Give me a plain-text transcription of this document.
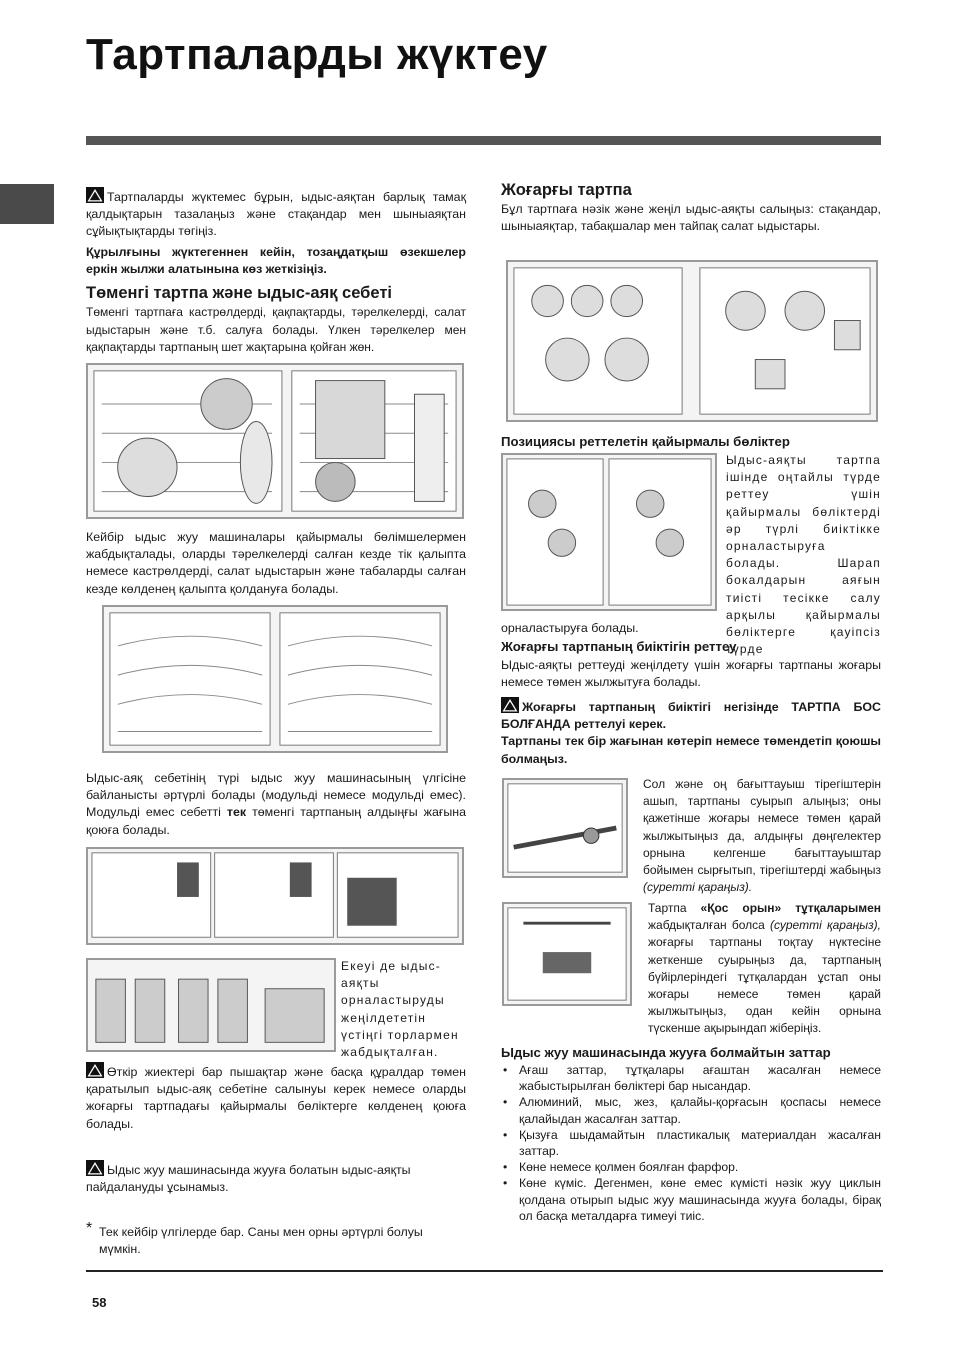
Тартпаларды жүктеу

Тартпаларды жүктемес бұрын, ыдыс-аяқтан барлық тамақ қалдықтарын тазалаңыз және стақандар мен шыныаяқтан сұйықтықтарды төгіңіз.

Құрылғыны жүктегеннен кейін, тозаңдатқыш өзекшелер еркін жылжи алатынына көз жеткізіңіз.

Төменгі тартпа және ыдыс-аяқ себеті

Төменгі тартпаға кастрөлдерді, қақпақтарды, тәрелкелерді, салат ыдыстарын және т.б. салуға болады. Үлкен тәрелкелер мен қақпақтарды тартпаның шет жақтарына қойған жөн.

Кейбір ыдыс жуу машиналары қайырмалы бөлімшелермен жабдықталады, оларды тәрелкелерді салған кезде тік қалыпта немесе кастрөлдерді, салат ыдыстарын және табаларды салған кезде көлденең қалыпта қолдануға болады.
Ыдыс-аяқ себетінің түрі ыдыс жуу машинасының үлгісіне байланысты әртүрлі болады (модульді немесе модульді емес). Модульді емес себетті тек төменгі тартпаның алдыңғы жағына қоюға болады.
Екеуі де ыдыс-аяқты орналастыруды жеңілдететін үстіңгі торлармен жабдықталған.
Өткір жиектері бар пышақтар және басқа құралдар төмен қаратылып ыдыс-аяқ себетіне салынуы керек немесе оларды жоғарғы тартпадағы қайырмалы бөліктерге көлденең қоюға болады.
Ыдыс жуу машинасында жууға болатын ыдыс-аяқты пайдалануды ұсынамыз.
* Тек кейбір үлгілерде бар. Саны мен орны әртүрлі болуы мүмкін.

Жоғарғы тартпа

Бұл тартпаға нәзік және жеңіл ыдыс-аяқты салыңыз: стақандар, шыныаяқтар, табақшалар мен тайпақ салат ыдыстары.

Позициясы реттелетін қайырмалы бөліктер

Ыдыс-аяқты тартпа ішінде оңтайлы түрде реттеу үшін қайырмалы бөліктерді әр түрлі биіктікке орналастыруға болады. Шарап бокалдарын аяғын тиісті тесікке салу арқылы қайырмалы бөліктерге қауіпсіз түрде
орналастыруға болады.

Жоғарғы тартпаның биіктігін реттеу

Ыдыс-аяқты реттеуді жеңілдету үшін жоғарғы тартпаны жоғары немесе төмен жылжытуға болады.
Жоғарғы тартпаның биіктігі негізінде ТАРТПА БОС БОЛҒАНДА реттелуі керек.

Тартпаны тек бір жағынан көтеріп немесе төмендетіп қоюшы болмаңыз.

Сол және оң бағыттауыш тірегіштерін ашып, тартпаны суырып алыңыз; оны қажетінше жоғары немесе төмен қарай жылжытыңыз да, алдыңғы дөңгелектер орнына келгенше бағыттауыштар бойымен сырғытып, тірегіштерді жабыңыз (суретті қараңыз).
Тартпа «Қос орын» тұтқаларымен жабдықталған болса (суретті қараңыз), жоғарғы тартпаны тоқтау нүктесіне жеткенше суырыңыз да, тартпаның бүйірлеріндегі тұтқалардан ұстап оны жоғары немесе төмен қарай жылжытыңыз, одан кейін орнына түскенше ақырындап жіберіңіз.

Ыдыс жуу машинасында жууға болмайтын заттар

• Ағаш заттар, тұтқалары ағаштан жасалған немесе жабыстырылған бөліктері бар ныcандар.
• Алюминий, мыс, жез, қалайы-қорғасын қоспасы немесе қалайыдан жасалған заттар.
• Қызуға шыдамайтын пластикалық материалдан жасалған заттар.
• Көне немесе қолмен боялған фарфор.
• Көне күміс. Дегенмен, көне емес күмісті нәзік жуу циклын қолдана отырып ыдыс жуу машинасында жууға болады, бірақ ол басқа металдарға тимеуі тиіс.
58
